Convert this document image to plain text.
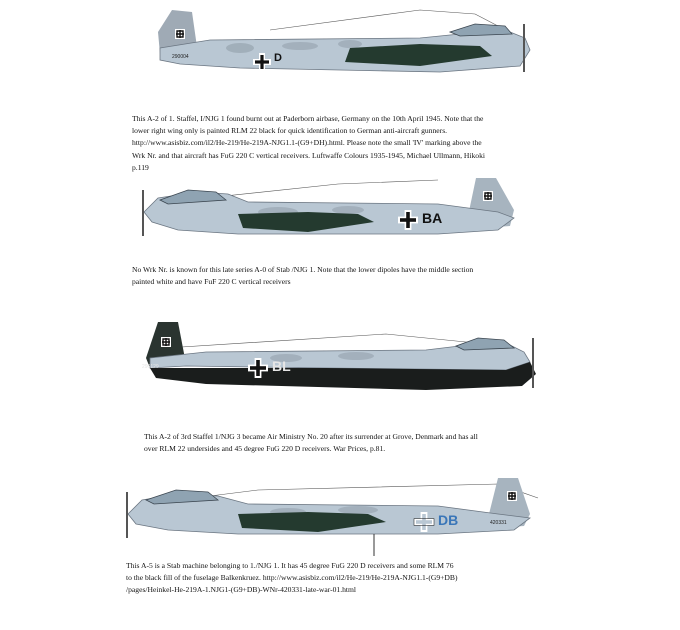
D
290004
This A-2 of 1. Staffel, I/NJG 1 found burnt out at Paderborn airbase, Germany on the 10th April 1945. Note that the
lower right wing only is painted RLM 22 black for quick identification to German anti-aircraft gunners.
http://www.asisbiz.com/il2/He-219/He-219A-NJG1.1-(G9+DH).html. Please note the small 'IV' marking above the
Wrk Nr. and that aircraft has FuG 220 C vertical receivers. Luftwaffe Colours 1935-1945, Michael Ullmann, Hikoki
p.119
BA
No Wrk Nr. is known for this late series A-0 of Stab /NJG 1. Note that the lower dipoles have the middle section
painted white and have FuF 220 C vertical receivers
BL
290129
This A-2 of 3rd Staffel 1/NJG 3 became Air Ministry No. 20 after its surrender at Grove, Denmark and has all
over RLM 22 undersides and 45 degree FuG 220 D receivers. War Prices, p.81.
DB	420331
This A-5 is a Stab machine belonging to 1./NJG 1. It has 45 degree FuG 220 D receivers and some RLM 76
to the black fill of the fuselage Balkenkruez. http://www.asisbiz.com/il2/He-219/He-219A-NJG1.1-(G9+DB)
/pages/Heinkel-He-219A-1.NJG1-(G9+DB)-WNr-420331-late-war-01.html
